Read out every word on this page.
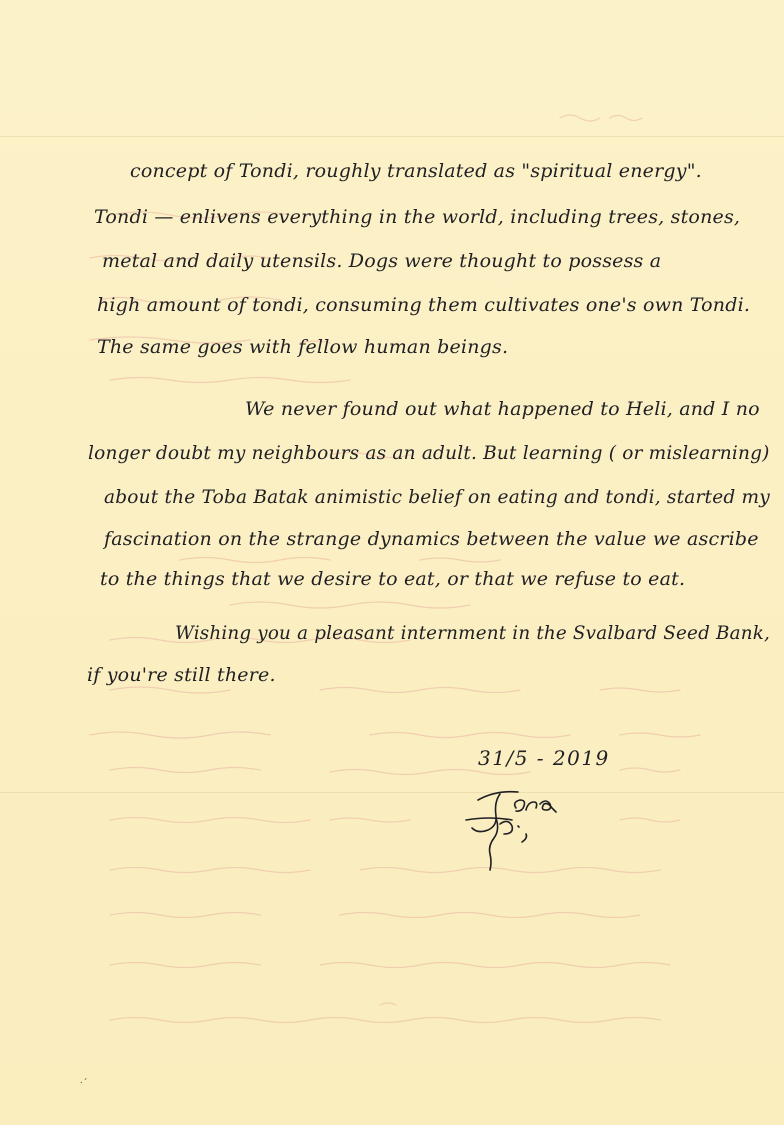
concept of Tondi, roughly translated as "spiritual energy".
Tondi — enlivens everything in the world, including trees, stones,
metal and daily utensils. Dogs were thought to possess a
high amount of tondi, consuming them cultivates one's own Tondi.
The same goes with fellow human beings.
We never found out what happened to Heli, and I no
longer doubt my neighbours as an adult. But learning ( or mislearning)
about the Toba Batak animistic belief on eating and tondi, started my
fascination on the strange dynamics between the value we ascribe
to the things that we desire to eat, or that we refuse to eat.
Wishing you a pleasant internment in the Svalbard Seed Bank,
if you're still there.
31/5 - 2019
⸱´
